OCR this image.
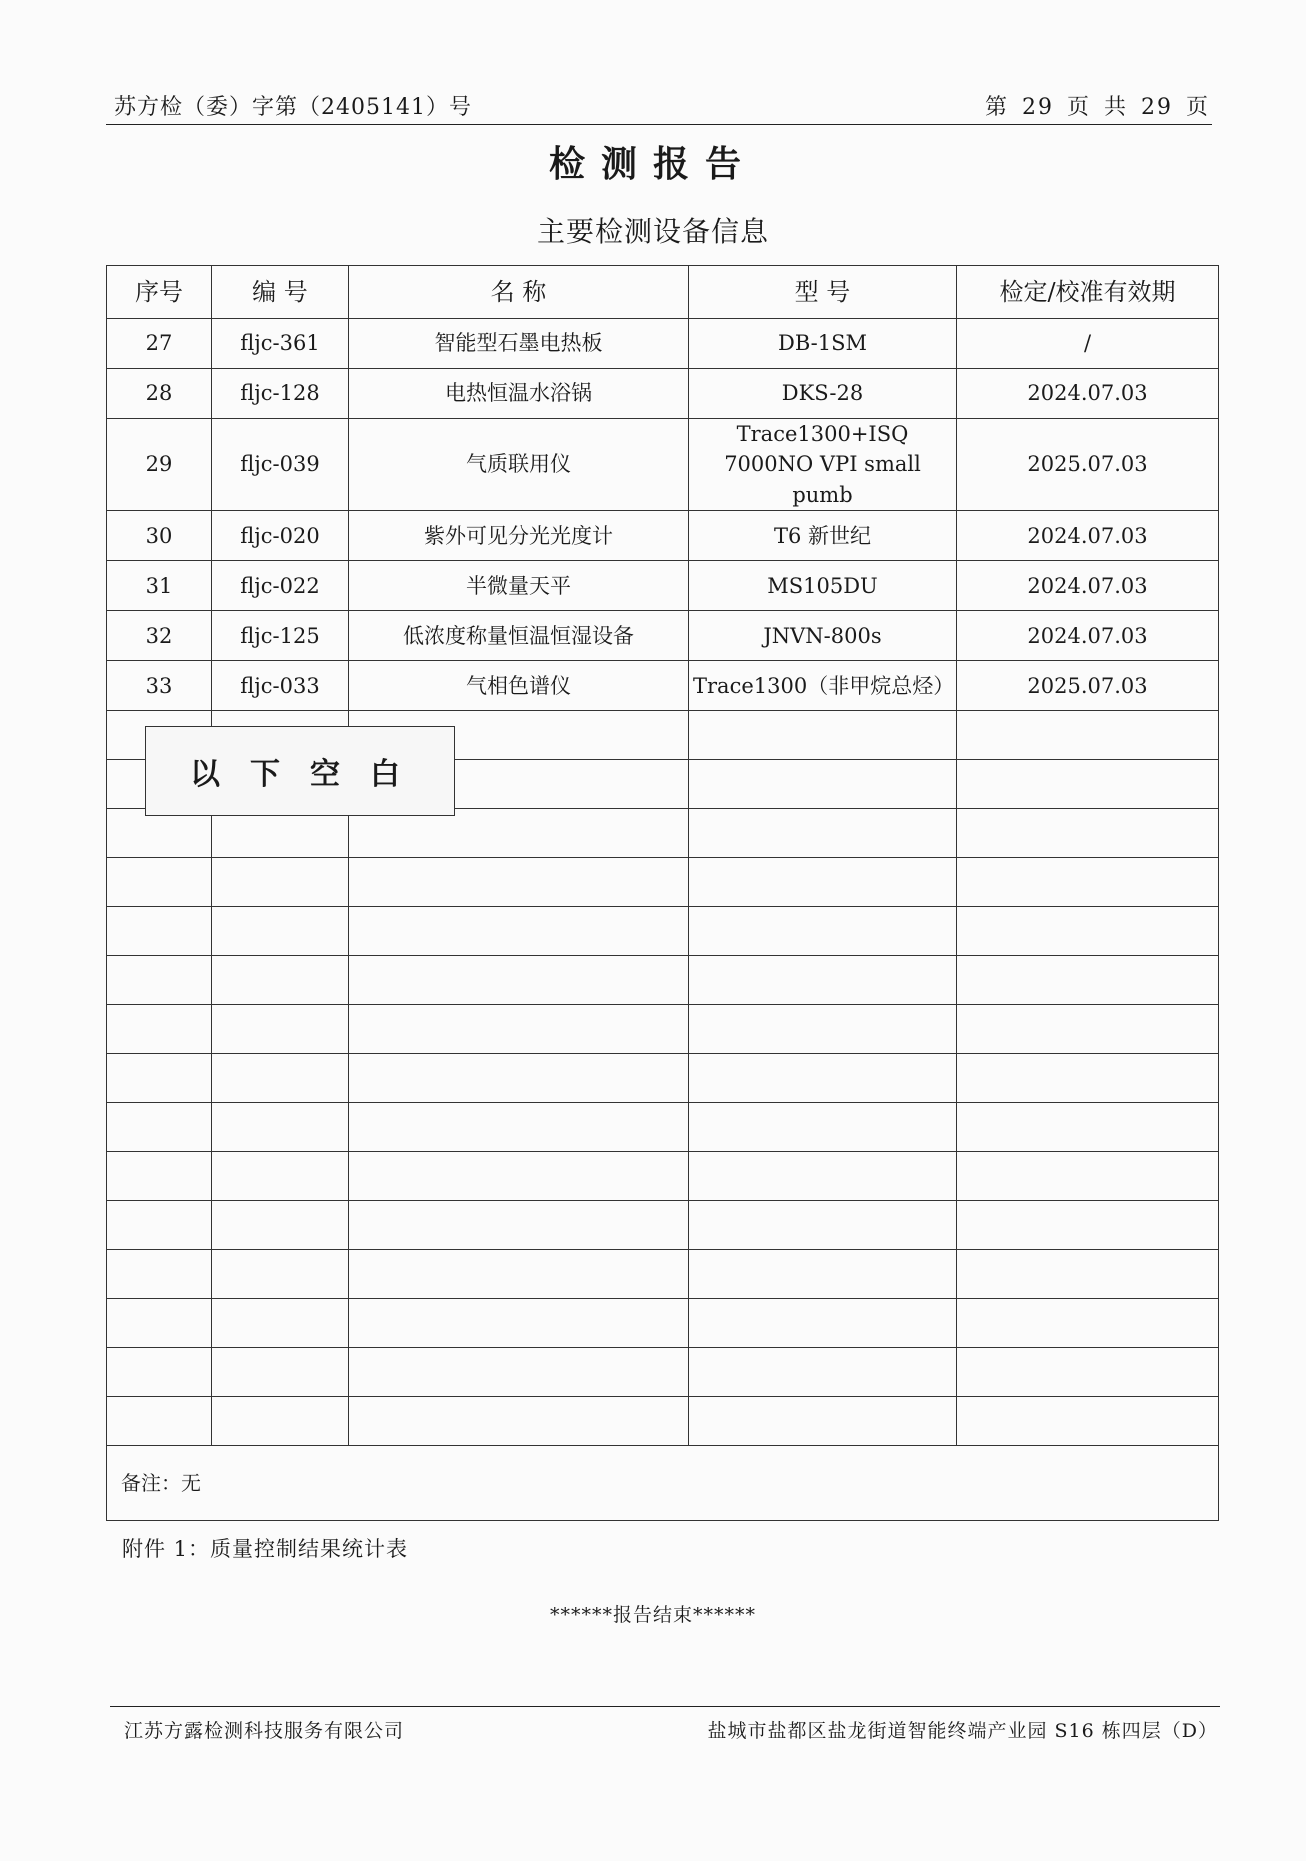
苏方检（委）字第（2405141）号	第 29 页 共 29 页
检测报告
主要检测设备信息
序号	编 号	名 称	型 号	检定/校准有效期
27	fljc-361	智能型石墨电热板	DB-1SM	/
28	fljc-128	电热恒温水浴锅	DKS-28	2024.07.03
29	fljc-039	气质联用仪	Trace1300+ISQ 7000NO VPI small pumb	2025.07.03
30	fljc-020	紫外可见分光光度计	T6 新世纪	2024.07.03
31	fljc-022	半微量天平	MS105DU	2024.07.03
32	fljc-125	低浓度称量恒温恒湿设备	JNVN-800s	2024.07.03
33	fljc-033	气相色谱仪	Trace1300（非甲烷总烃）	2025.07.03

备注：无				
以下空白
附件 1：质量控制结果统计表
******报告结束******
江苏方露检测科技服务有限公司	盐城市盐都区盐龙街道智能终端产业园 S16 栋四层（D）
